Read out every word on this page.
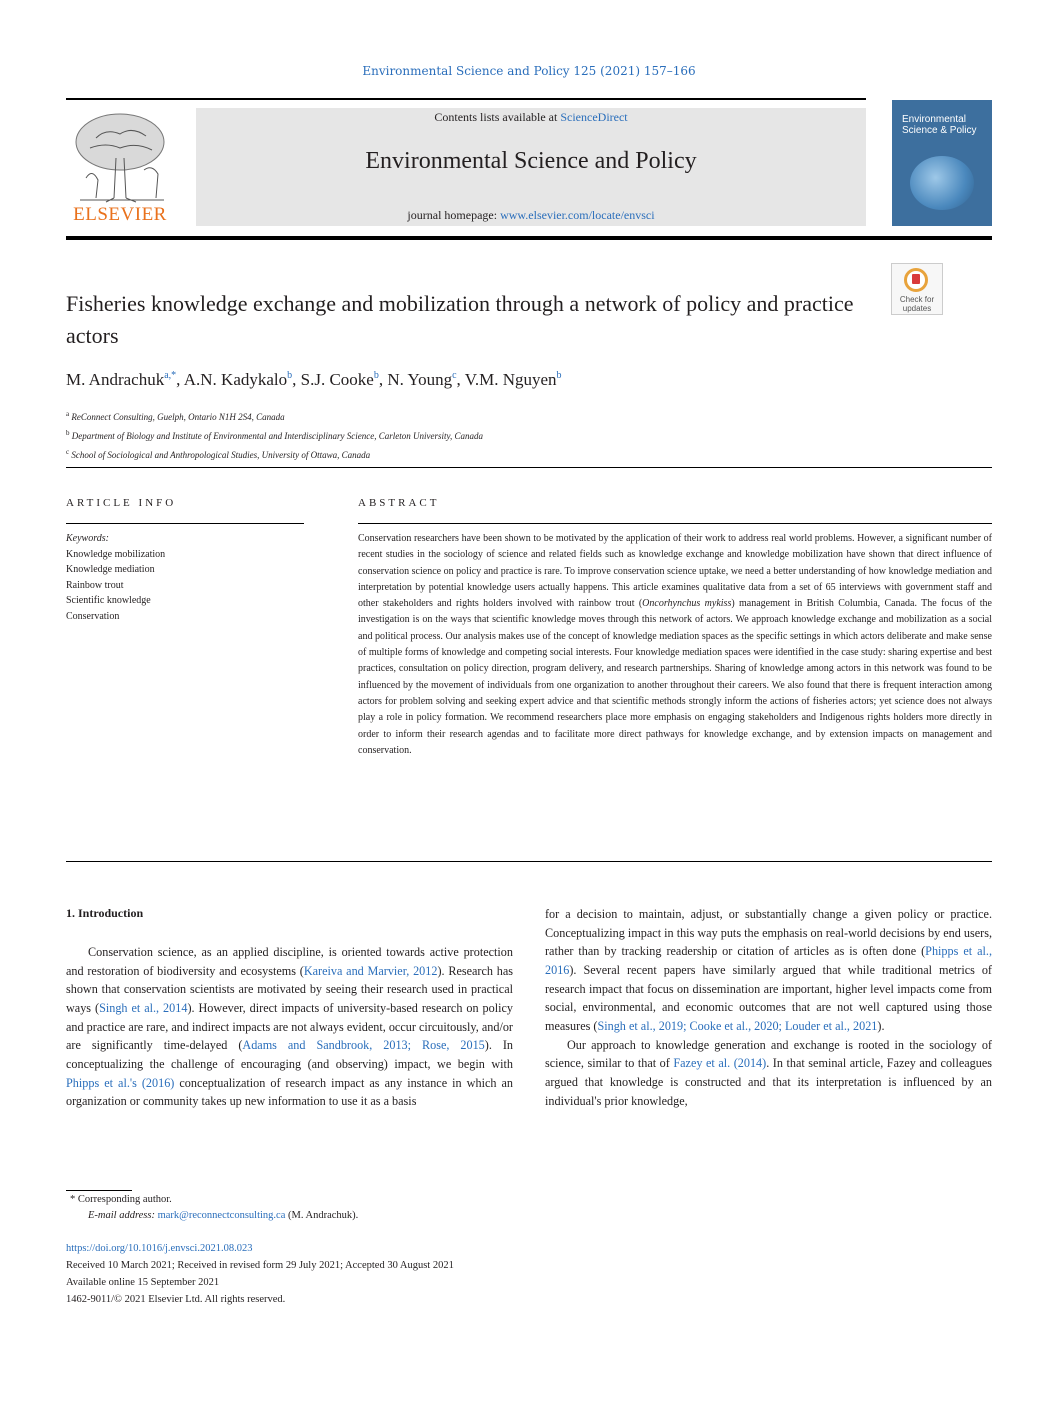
Environmental Science and Policy 125 (2021) 157–166
ELSEVIER
Contents lists available at ScienceDirect
Environmental Science and Policy
journal homepage: www.elsevier.com/locate/envsci
Environmental Science & Policy
Check for
updates
Fisheries knowledge exchange and mobilization through a network of policy and practice actors
M. Andrachuk$^{a,*}$, A.N. Kadykalo$^b$, S.J. Cooke$^b$, N. Young$^c$, V.M. Nguyen$^b$
$^a$ ReConnect Consulting, Guelph, Ontario N1H 2S4, Canada
$^b$ Department of Biology and Institute of Environmental and Interdisciplinary Science, Carleton University, Canada
$^c$ School of Sociological and Anthropological Studies, University of Ottawa, Canada
ARTICLE INFO
Keywords:
Knowledge mobilization
Knowledge mediation
Rainbow trout
Scientific knowledge
Conservation
ABSTRACT
Conservation researchers have been shown to be motivated by the application of their work to address real world problems. However, a significant number of recent studies in the sociology of science and related fields such as knowledge exchange and knowledge mobilization have shown that direct influence of conservation science on policy and practice is rare. To improve conservation science uptake, we need a better understanding of how knowledge mediation and interpretation by potential knowledge users actually happens. This article examines qualitative data from a set of 65 interviews with government staff and other stakeholders and rights holders involved with rainbow trout (Oncorhynchus mykiss) management in British Columbia, Canada. The focus of the investigation is on the ways that scientific knowledge moves through this network of actors. We approach knowledge exchange and mobilization as a social and political process. Our analysis makes use of the concept of knowledge mediation spaces as the specific settings in which actors deliberate and make sense of multiple forms of knowledge and competing social interests. Four knowledge mediation spaces were identified in the case study: sharing expertise and best practices, consultation on policy direction, program delivery, and research partnerships. Sharing of knowledge among actors in this network was found to be influenced by the movement of individuals from one organization to another throughout their careers. We also found that there is frequent interaction among actors for problem solving and seeking expert advice and that scientific methods strongly inform the actions of fisheries actors; yet science does not always play a role in policy formation. We recommend researchers place more emphasis on engaging stakeholders and Indigenous rights holders more directly in order to inform their research agendas and to facilitate more direct pathways for knowledge exchange, and by extension impacts on management and conservation.
1. Introduction

Conservation science, as an applied discipline, is oriented towards active protection and restoration of biodiversity and ecosystems (Kareiva and Marvier, 2012). Research has shown that conservation scientists are motivated by seeing their research used in practical ways (Singh et al., 2014). However, direct impacts of university-based research on policy and practice are rare, and indirect impacts are not always evident, occur circuitously, and/or are significantly time-delayed (Adams and Sandbrook, 2013; Rose, 2015). In conceptualizing the challenge of encouraging (and observing) impact, we begin with Phipps et al.'s (2016) conceptualization of research impact as any instance in which an organization or community takes up new information to use it as a basis

for a decision to maintain, adjust, or substantially change a given policy or practice. Conceptualizing impact in this way puts the emphasis on real-world decisions by end users, rather than by tracking readership or citation of articles as is often done (Phipps et al., 2016). Several recent papers have similarly argued that while traditional metrics of research impact that focus on dissemination are important, higher level impacts come from social, environmental, and economic outcomes that are not well captured using those measures (Singh et al., 2019; Cooke et al., 2020; Louder et al., 2021).

Our approach to knowledge generation and exchange is rooted in the sociology of science, similar to that of Fazey et al. (2014). In that seminal article, Fazey and colleagues argued that knowledge is constructed and that its interpretation is influenced by an individual's prior knowledge,

* Corresponding author.
E-mail address: mark@reconnectconsulting.ca (M. Andrachuk).
https://doi.org/10.1016/j.envsci.2021.08.023
Received 10 March 2021; Received in revised form 29 July 2021; Accepted 30 August 2021
Available online 15 September 2021
1462-9011/© 2021 Elsevier Ltd. All rights reserved.
